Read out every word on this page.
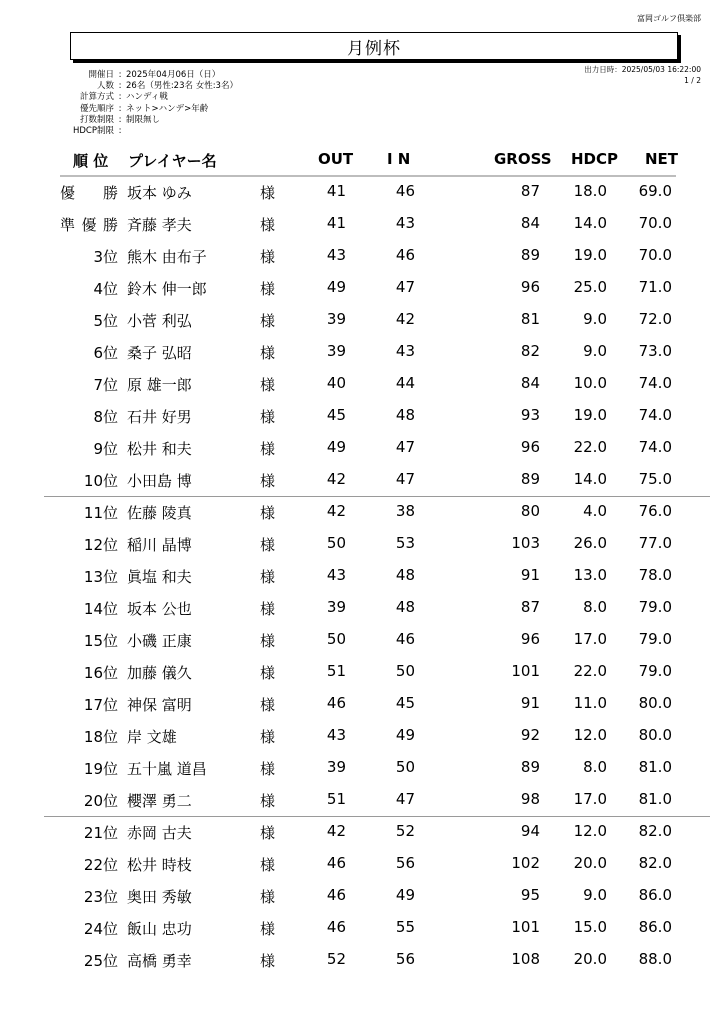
富岡ゴルフ倶楽部
月例杯
出力日時：2025/05/03 16:22:00
1 / 2
開催日 : 2025年04月06日（日）
人数 : 26名（男性:23名 女性:3名）
計算方式 : ハンディ戦
優先順序 : ネット>ハンデ>年齢
打数制限 : 制限無し
HDCP制限 :
順 位 プレイヤー名	OUT I N	GROSS HDCP NET
優 勝 坂本 ゆみ	様	41	46	87	18.0	69.0
準優勝 斉藤 孝夫	様	41	43	84	14.0	70.0
3位 熊木 由布子	様	43	46	89	19.0	70.0
4位 鈴木 伸一郎	様	49	47	96	25.0	71.0
5位 小菅 利弘	様	39	42	81	9.0	72.0
6位 桑子 弘昭	様	39	43	82	9.0	73.0
7位 原 雄一郎	様	40	44	84	10.0	74.0
8位 石井 好男	様	45	48	93	19.0	74.0
9位 松井 和夫	様	49	47	96	22.0	74.0
10位 小田島 博	様	42	47	89	14.0	75.0
11位 佐藤 陵真	様	42	38	80	4.0	76.0
12位 稲川 晶博	様	50	53	103	26.0	77.0
13位 眞塩 和夫	様	43	48	91	13.0	78.0
14位 坂本 公也	様	39	48	87	8.0	79.0
15位 小磯 正康	様	50	46	96	17.0	79.0
16位 加藤 儀久	様	51	50	101	22.0	79.0
17位 神保 富明	様	46	45	91	11.0	80.0
18位 岸 文雄	様	43	49	92	12.0	80.0
19位 五十嵐 道昌	様	39	50	89	8.0	81.0
20位 櫻澤 勇二	様	51	47	98	17.0	81.0
21位 赤岡 古夫	様	42	52	94	12.0	82.0
22位 松井 時枝	様	46	56	102	20.0	82.0
23位 奥田 秀敏	様	46	49	95	9.0	86.0
24位 飯山 忠功	様	46	55	101	15.0	86.0
25位 高橋 勇幸	様	52	56	108	20.0	88.0
